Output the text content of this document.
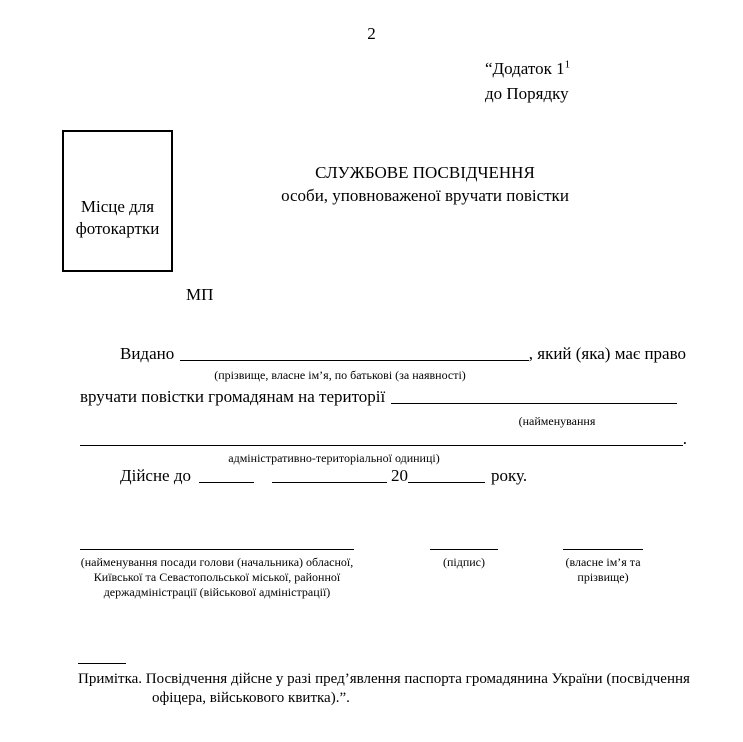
2
“Додаток $1^1$
до Порядку
Місце для
фотокартки
СЛУЖБОВЕ ПОСВІДЧЕННЯ
особи, уповноваженої вручати повістки
МП
Видано	, який (яка) має право
(прізвище, власне ім’я, по батькові (за наявності)
вручати повістки громадянам на території
(найменування
.
адміністративно-територіальної одиниці)
Дійсне до	20	року.
(найменування посади голови (начальника) обласної,
Київської та Севастопольської міської, районної
держадміністрації (військової адміністрації)
(підпис)	(власне ім’я та
прізвище)
Примітка. Посвідчення дійсне у разі пред’явлення паспорта громадянина України (посвідчення
офіцера, військового квитка).”.
